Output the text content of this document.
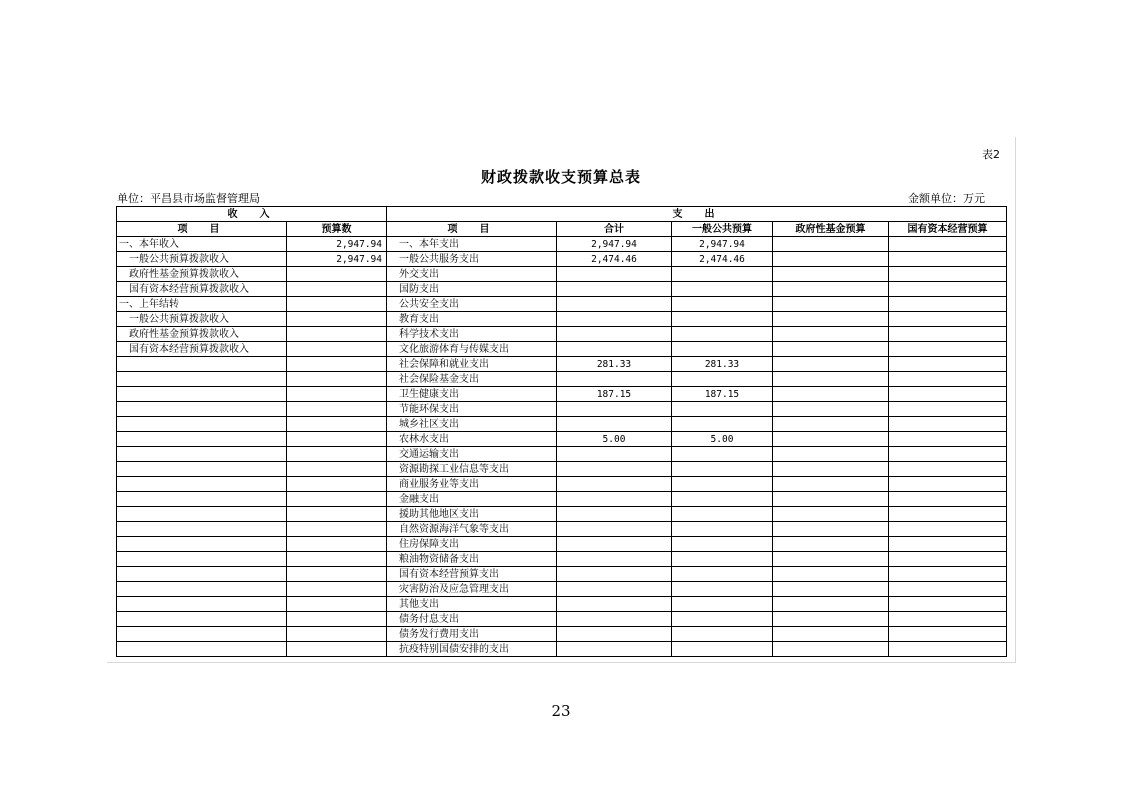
表2
财政拨款收支预算总表
单位：平昌县市场监督管理局	金额单位：万元
收　入		支　出				
项　目	预算数	项　目	合计	一般公共预算	政府性基金预算	国有资本经营预算
一、本年收入	2,947.94	一、本年支出	2,947.94	2,947.94		
　一般公共预算拨款收入	2,947.94	一般公共服务支出	2,474.46	2,474.46		
　政府性基金预算拨款收入		外交支出				
　国有资本经营预算拨款收入		国防支出				
一、上年结转		公共安全支出				
　一般公共预算拨款收入		教育支出				
　政府性基金预算拨款收入		科学技术支出				
　国有资本经营预算拨款收入		文化旅游体育与传媒支出				
		社会保障和就业支出	281.33	281.33		
		社会保险基金支出				
		卫生健康支出	187.15	187.15		
		节能环保支出				
		城乡社区支出				
		农林水支出	5.00	5.00		
		交通运输支出				
		资源勘探工业信息等支出				
		商业服务业等支出				
		金融支出				
		援助其他地区支出				
		自然资源海洋气象等支出				
		住房保障支出				
		粮油物资储备支出				
		国有资本经营预算支出				
		灾害防治及应急管理支出				
		其他支出				
		债务付息支出				
		债务发行费用支出				
		抗疫特别国债安排的支出				
23
